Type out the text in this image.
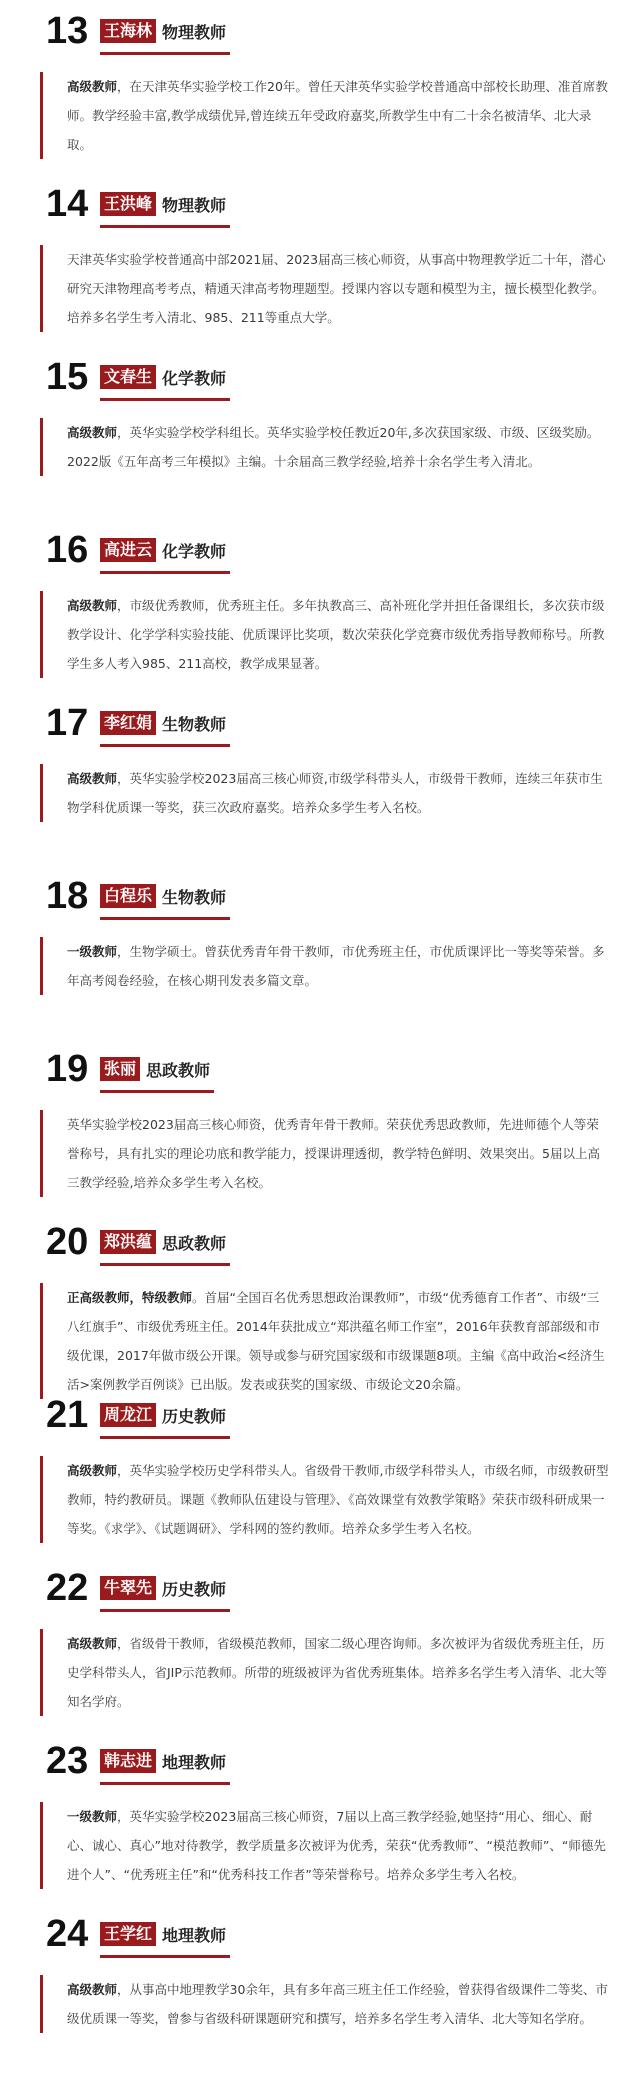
13 王海林 物理教师
高级教师，在天津英华实验学校工作20年。曾任天津英华实验学校普通高中部校长助理、准首席教师。教学经验丰富,教学成绩优异,曾连续五年受政府嘉奖,所教学生中有二十余名被清华、北大录取。
14 王洪峰 物理教师
天津英华实验学校普通高中部2021届、2023届高三核心师资，从事高中物理教学近二十年，潜心研究天津物理高考考点，精通天津高考物理题型。授课内容以专题和模型为主，擅长模型化教学。培养多名学生考入清北、985、211等重点大学。
15 文春生 化学教师
高级教师，英华实验学校学科组长。英华实验学校任教近20年,多次获国家级、市级、区级奖励。2022版《五年高考三年模拟》主编。十余届高三教学经验,培养十余名学生考入清北。
16 高进云 化学教师
高级教师，市级优秀教师，优秀班主任。多年执教高三、高补班化学并担任备课组长，多次获市级教学设计、化学学科实验技能、优质课评比奖项，数次荣获化学竞赛市级优秀指导教师称号。所教学生多人考入985、211高校，教学成果显著。
17 李红娟 生物教师
高级教师，英华实验学校2023届高三核心师资,市级学科带头人，市级骨干教师，连续三年获市生物学科优质课一等奖，获三次政府嘉奖。培养众多学生考入名校。
18 白程乐 生物教师
一级教师，生物学硕士。曾获优秀青年骨干教师，市优秀班主任，市优质课评比一等奖等荣誉。多年高考阅卷经验，在核心期刊发表多篇文章。
19 张丽 思政教师
英华实验学校2023届高三核心师资，优秀青年骨干教师。荣获优秀思政教师，先进师德个人等荣誉称号，具有扎实的理论功底和教学能力，授课讲理透彻，教学特色鲜明、效果突出。5届以上高三教学经验,培养众多学生考入名校。
20 郑洪蕴 思政教师
正高级教师，特级教师。首届“全国百名优秀思想政治课教师”，市级“优秀德育工作者”、市级“三八红旗手”、市级优秀班主任。2014年获批成立“郑洪蕴名师工作室”，2016年获教育部部级和市级优课，2017年做市级公开课。领导或参与研究国家级和市级课题8项。主编《高中政治<经济生活>案例教学百例谈》已出版。发表或获奖的国家级、市级论文20余篇。
21 周龙江 历史教师
高级教师，英华实验学校历史学科带头人。省级骨干教师,市级学科带头人，市级名师，市级教研型教师，特约教研员。课题《教师队伍建设与管理》、《高效课堂有效教学策略》荣获市级科研成果一等奖。《求学》、《试题调研》、学科网的签约教师。培养众多学生考入名校。
22 牛翠先 历史教师
高级教师，省级骨干教师，省级模范教师，国家二级心理咨询师。多次被评为省级优秀班主任，历史学科带头人，省JIP示范教师。所带的班级被评为省优秀班集体。培养多名学生考入清华、北大等知名学府。
23 韩志进 地理教师
一级教师，英华实验学校2023届高三核心师资，7届以上高三教学经验,她坚持“用心、细心、耐心、诚心、真心”地对待教学，教学质量多次被评为优秀，荣获“优秀教师”、“模范教师”、“师德先进个人”、“优秀班主任”和“优秀科技工作者”等荣誉称号。培养众多学生考入名校。
24 王学红 地理教师
高级教师，从事高中地理教学30余年，具有多年高三班主任工作经验，曾获得省级课件二等奖、市级优质课一等奖，曾参与省级科研课题研究和撰写，培养多名学生考入清华、北大等知名学府。
